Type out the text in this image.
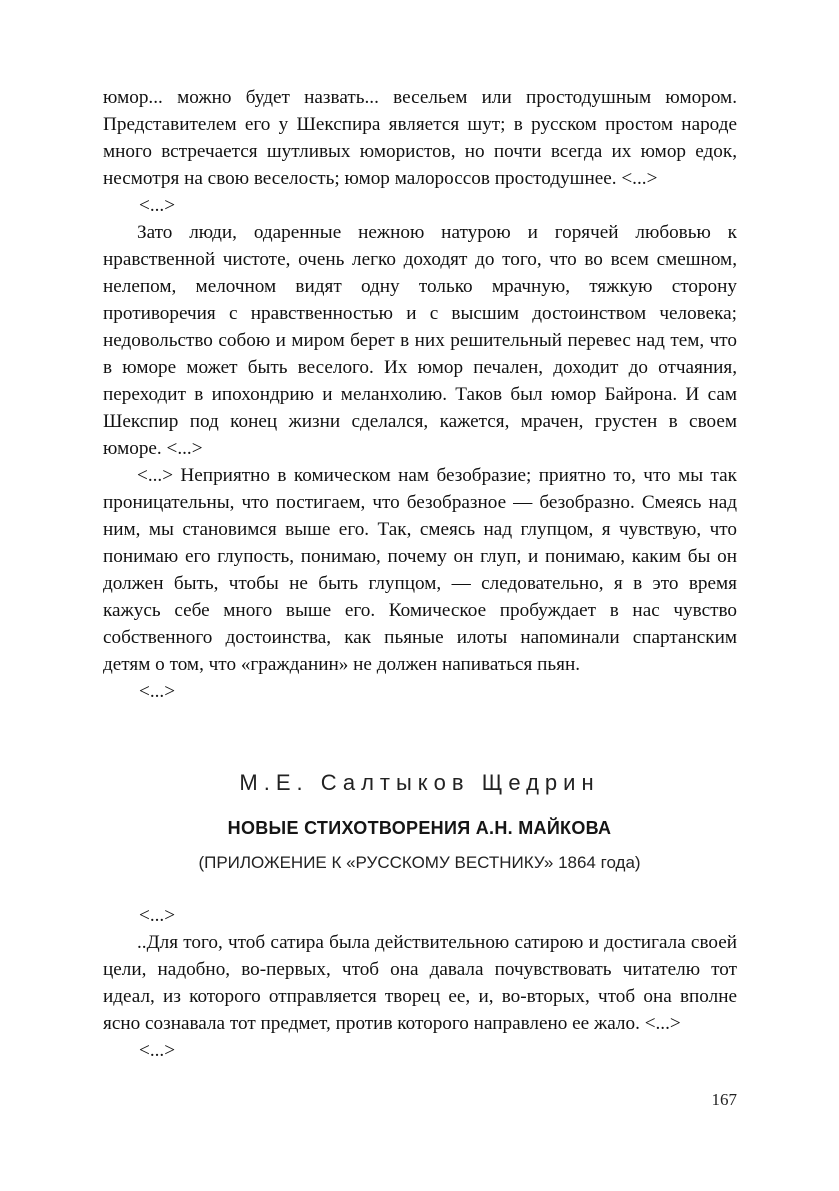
юмор... можно будет назвать... весельем или простодушным юмором. Представителем его у Шекспира является шут; в русском простом народе много встречается шутливых юмористов, но почти всегда их юмор едок, несмотря на свою веселость; юмор малороссов простодушнее. <...>

<...>

Зато люди, одаренные нежною натурою и горячей любовью к нравственной чистоте, очень легко доходят до того, что во всем смешном, нелепом, мелочном видят одну только мрачную, тяжкую сторону противоречия с нравственностью и с высшим достоинством человека; недовольство собою и миром берет в них решительный перевес над тем, что в юморе может быть веселого. Их юмор печален, доходит до отчаяния, переходит в ипохондрию и меланхолию. Таков был юмор Байрона. И сам Шекспир под конец жизни сделался, кажется, мрачен, грустен в своем юморе. <...>

<...> Неприятно в комическом нам безобразие; приятно то, что мы так проницательны, что постигаем, что безобразное — безобразно. Смеясь над ним, мы становимся выше его. Так, смеясь над глупцом, я чувствую, что понимаю его глупость, понимаю, почему он глуп, и понимаю, каким бы он должен быть, чтобы не быть глупцом, — следовательно, я в это время кажусь себе много выше его. Комическое пробуждает в нас чувство собственного достоинства, как пьяные илоты напоминали спартанским детям о том, что «гражданин» не должен напиваться пьян.

<...>

М.Е. Салтыков Щедрин
НОВЫЕ СТИХОТВОРЕНИЯ А.Н. МАЙКОВА
(ПРИЛОЖЕНИЕ К «РУССКОМУ ВЕСТНИКУ» 1864 года)

<...>

..Для того, чтоб сатира была действительною сатирою и достигала своей цели, надобно, во-первых, чтоб она давала почувствовать читателю тот идеал, из которого отправляется творец ее, и, во-вторых, чтоб она вполне ясно сознавала тот предмет, против которого направлено ее жало. <...>

<...>

167
